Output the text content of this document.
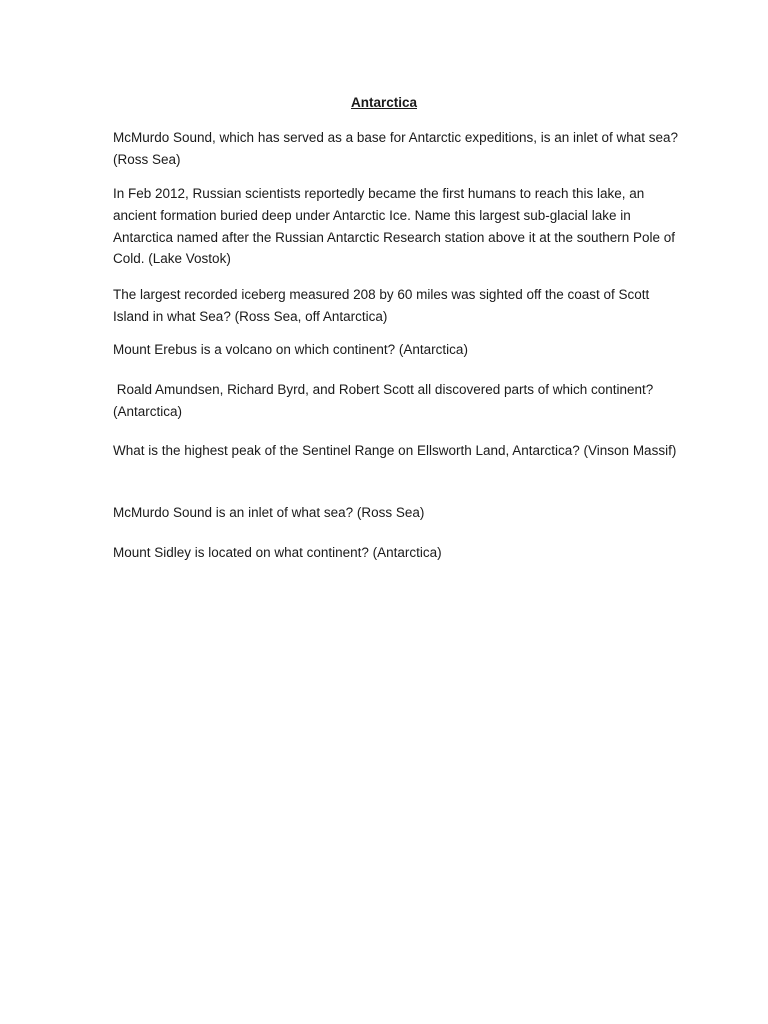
Antarctica

McMurdo Sound, which has served as a base for Antarctic expeditions, is an inlet of what sea? (Ross Sea)

In Feb 2012, Russian scientists reportedly became the first humans to reach this lake, an ancient formation buried deep under Antarctic Ice. Name this largest sub-glacial lake in Antarctica named after the Russian Antarctic Research station above it at the southern Pole of Cold. (Lake Vostok)

The largest recorded iceberg measured 208 by 60 miles was sighted off the coast of Scott Island in what Sea? (Ross Sea, off Antarctica)

Mount Erebus is a volcano on which continent? (Antarctica)

Roald Amundsen, Richard Byrd, and Robert Scott all discovered parts of which continent? (Antarctica)

What is the highest peak of the Sentinel Range on Ellsworth Land, Antarctica? (Vinson Massif)

McMurdo Sound is an inlet of what sea? (Ross Sea)

Mount Sidley is located on what continent? (Antarctica)
